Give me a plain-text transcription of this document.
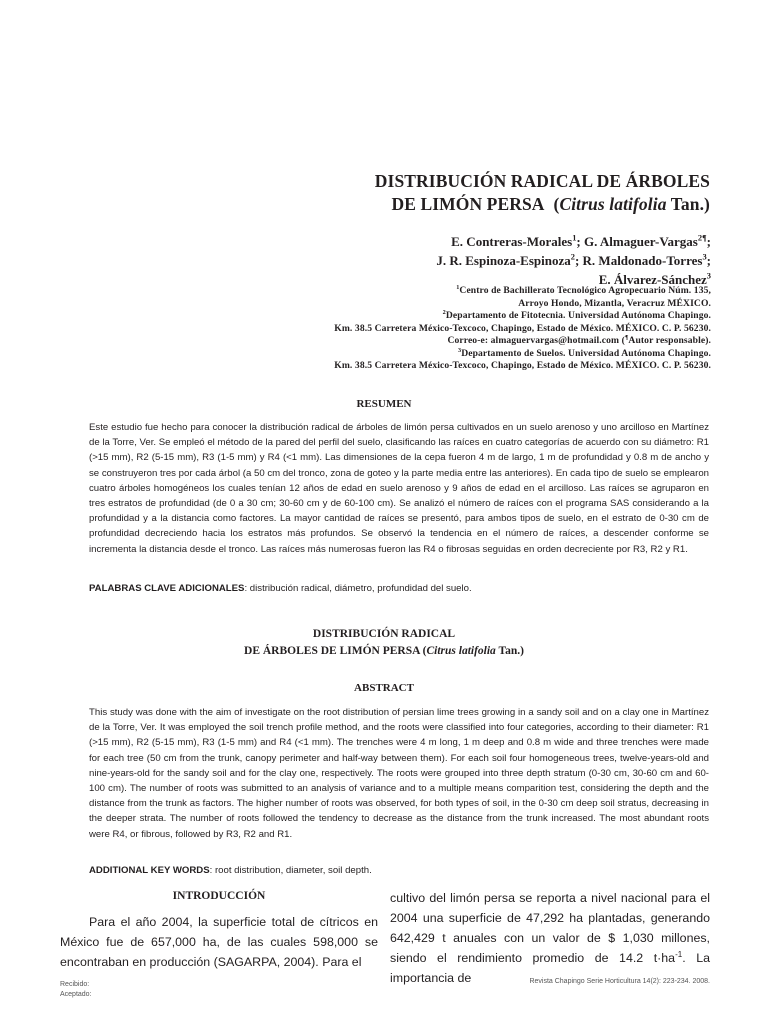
DISTRIBUCIÓN RADICAL DE ÁRBOLES
DE LIMÓN PERSA  (Citrus latifolia Tan.)
E. Contreras-Morales$^1$; G. Almaguer-Vargas$^{2\P}$;
J. R. Espinoza-Espinoza$^2$; R. Maldonado-Torres$^3$;
E. Álvarez-Sánchez$^3$
$^1$Centro de Bachillerato Tecnológico Agropecuario Núm. 135,
Arroyo Hondo, Mizantla, Veracruz MÉXICO.
$^2$Departamento de Fitotecnia. Universidad Autónoma Chapingo.
Km. 38.5 Carretera México-Texcoco, Chapingo, Estado de México. MÉXICO. C. P. 56230.
Correo-e: almaguervargas@hotmail.com (¶Autor responsable).
$^3$Departamento de Suelos. Universidad Autónoma Chapingo.
Km. 38.5 Carretera México-Texcoco, Chapingo, Estado de México. MÉXICO. C. P. 56230.
RESUMEN
Este estudio fue hecho para conocer la distribución radical de árboles de limón persa cultivados en un suelo arenoso y uno arcilloso en Martínez de la Torre, Ver. Se empleó el método de la pared del perfil del suelo, clasificando las raíces en cuatro categorías de acuerdo con su diámetro: R1 (>15 mm), R2 (5-15 mm), R3 (1-5 mm) y R4 (<1 mm). Las dimensiones de la cepa fueron 4 m de largo, 1 m de profundidad y 0.8 m de ancho y se construyeron tres por cada árbol (a 50 cm del tronco, zona de goteo y la parte media entre las anteriores). En cada tipo de suelo se emplearon cuatro árboles homogéneos los cuales tenían 12 años de edad en suelo arenoso y 9 años de edad en el arcilloso. Las raíces se agruparon en tres estratos de profundidad (de 0 a 30 cm; 30-60 cm y de 60-100 cm). Se analizó el número de raíces con el programa SAS considerando a la profundidad y a la distancia como factores. La mayor cantidad de raíces se presentó, para ambos tipos de suelo, en el estrato de 0-30 cm de profundidad decreciendo hacia los estratos más profundos. Se observó la tendencia en el número de raíces, a descender conforme se incrementa la distancia desde el tronco. Las raíces más numerosas fueron las R4 o fibrosas seguidas en orden decreciente por R3, R2 y R1.
PALABRAS CLAVE ADICIONALES: distribución radical, diámetro, profundidad del suelo.
DISTRIBUCIÓN RADICAL
DE ÁRBOLES DE LIMÓN PERSA (Citrus latifolia Tan.)
ABSTRACT
This study was done with the aim of investigate on the root distribution of persian lime trees growing in a sandy soil and on a clay one in Martínez de la Torre, Ver. It was employed the soil trench profile method, and the roots were classified into four categories, according to their diameter: R1 (>15 mm), R2 (5-15 mm), R3 (1-5 mm) and R4 (<1 mm). The trenches were 4 m long, 1 m deep and 0.8 m wide and three trenches were made for each tree (50 cm from the trunk, canopy perimeter and half-way between them). For each soil four homogeneous trees, twelve-years-old and nine-years-old for the sandy soil and for the clay one, respectively. The roots were grouped into three depth stratum (0-30 cm, 30-60 cm and 60-100 cm). The number of roots was submitted to an analysis of variance and to a multiple means comparition test, considering the depth and the distance from the trunk as factors. The higher number of roots was observed, for both types of soil, in the 0-30 cm deep soil stratus, decreasing in the deeper strata. The number of roots followed the tendency to decrease as the distance from the trunk increased. The most abundant roots were R4, or fibrous, followed by R3, R2 and R1.
ADDITIONAL KEY WORDS: root distribution, diameter, soil depth.
INTRODUCCIÓN
Para el año 2004, la superficie total de cítricos en México fue de 657,000 ha, de las cuales 598,000 se encontraban en producción (SAGARPA, 2004). Para el
cultivo del limón persa se reporta a nivel nacional para el 2004 una superficie de 47,292 ha plantadas, generando 642,429 t anuales con un valor de $ 1,030 millones, siendo el rendimiento promedio de 14.2 $t\cdot ha^{-1}$. La importancia de
Recibido:
Aceptado:
Revista Chapingo Serie Horticultura 14(2): 223-234. 2008.
